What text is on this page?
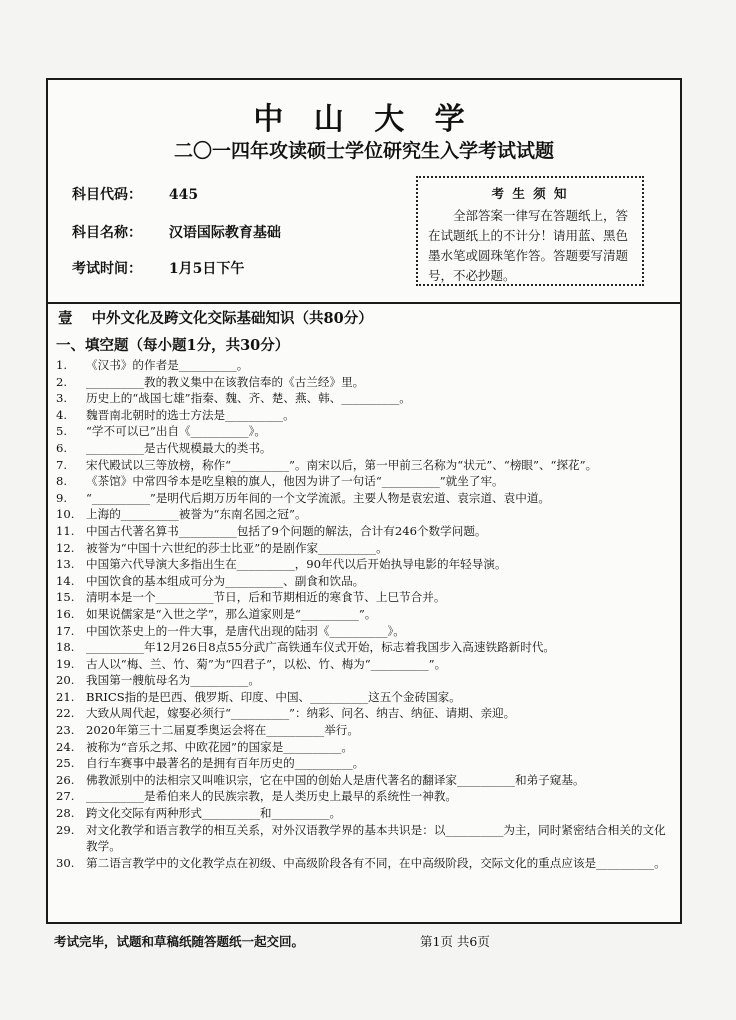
中 山 大 学
二〇一四年攻读硕士学位研究生入学考试试题
科目代码： 445
科目名称： 汉语国际教育基础
考试时间： 1月5日下午
考 生 须 知
全部答案一律写在答题纸上，答在试题纸上的不计分！请用蓝、黑色墨水笔或圆珠笔作答。答题要写清题号，不必抄题。
壹 中外文化及跨文化交际基础知识（共80分）
一、填空题（每小题1分，共30分）
1.	《汉书》的作者是__________。
2.	__________教的教义集中在该教信奉的《古兰经》里。
3.	历史上的“战国七雄”指秦、魏、齐、楚、燕、韩、__________。
4.	魏晋南北朝时的选士方法是__________。
5.	“学不可以已”出自《__________》。
6.	__________是古代规模最大的类书。
7.	宋代殿试以三等放榜，称作“__________”。南宋以后，第一甲前三名称为“状元”、“榜眼”、“探花”。
8.	《茶馆》中常四爷本是吃皇粮的旗人，他因为讲了一句话“__________”就坐了牢。
9.	“__________”是明代后期万历年间的一个文学流派。主要人物是袁宏道、袁宗道、袁中道。
10. 上海的__________被誉为“东南名园之冠”。
11. 中国古代著名算书__________包括了9个问题的解法，合计有246个数学问题。
12. 被誉为“中国十六世纪的莎士比亚”的是剧作家__________。
13. 中国第六代导演大多指出生在__________，90年代以后开始执导电影的年轻导演。
14. 中国饮食的基本组成可分为__________、副食和饮品。
15. 清明本是一个__________节日，后和节期相近的寒食节、上巳节合并。
16. 如果说儒家是“入世之学”，那么道家则是“__________”。
17. 中国饮茶史上的一件大事，是唐代出现的陆羽《__________》。
18. __________年12月26日8点55分武广高铁通车仪式开始，标志着我国步入高速铁路新时代。
19. 古人以“梅、兰、竹、菊”为“四君子”，以松、竹、梅为“__________”。
20. 我国第一艘航母名为__________。
21. BRICS指的是巴西、俄罗斯、印度、中国、__________这五个金砖国家。
22. 大致从周代起，嫁娶必须行“__________”：纳彩、问名、纳吉、纳征、请期、亲迎。
23. 2020年第三十二届夏季奥运会将在__________举行。
24. 被称为“音乐之邦、中欧花园”的国家是__________。
25. 自行车赛事中最著名的是拥有百年历史的__________。
26. 佛教派别中的法相宗又叫唯识宗，它在中国的创始人是唐代著名的翻译家__________和弟子窥基。
27. __________是希伯来人的民族宗教，是人类历史上最早的系统性一神教。
28. 跨文化交际有两种形式__________和__________。
29. 对文化教学和语言教学的相互关系，对外汉语教学界的基本共识是：以__________为主，同时紧密结合相关的文化教学。
30. 第二语言教学中的文化教学点在初级、中高级阶段各有不同，在中高级阶段，交际文化的重点应该是__________。
考试完毕，试题和草稿纸随答题纸一起交回。	第1页 共6页
